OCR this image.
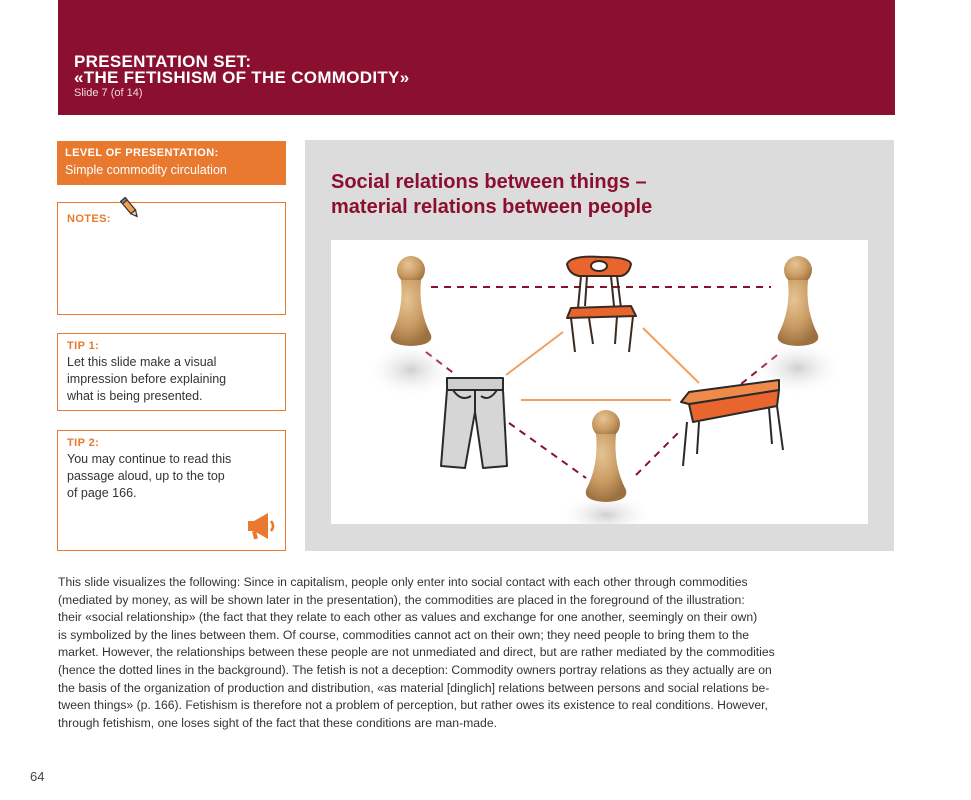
PRESENTATION SET:
«THE FETISHISM OF THE COMMODITY»
Slide 7 (of 14)
LEVEL OF PRESENTATION:
Simple commodity circulation
NOTES:
TIP 1:
Let this slide make a visual
impression before explaining
what is being presented.
TIP 2:
You may continue to read this
passage aloud, up to the top
of page 166.
Social relations between things –
material relations between people

This slide visualizes the following: Since in capitalism, people only enter into social contact with each other through commodities

(mediated by money, as will be shown later in the presentation), the commodities are placed in the foreground of the illustration:

their «social relationship» (the fact that they relate to each other as values and exchange for one another, seemingly on their own)

is symbolized by the lines between them. Of course, commodities cannot act on their own; they need people to bring them to the

market. However, the relationships between these people are not unmediated and direct, but are rather mediated by the commodities

(hence the dotted lines in the background). The fetish is not a deception: Commodity owners portray relations as they actually are on

the basis of the organization of production and distribution, «as material [dinglich] relations between persons and social relations be-

tween things» (p. 166). Fetishism is therefore not a problem of perception, but rather owes its existence to real conditions. However,

through fetishism, one loses sight of the fact that these conditions are man-made.

64
